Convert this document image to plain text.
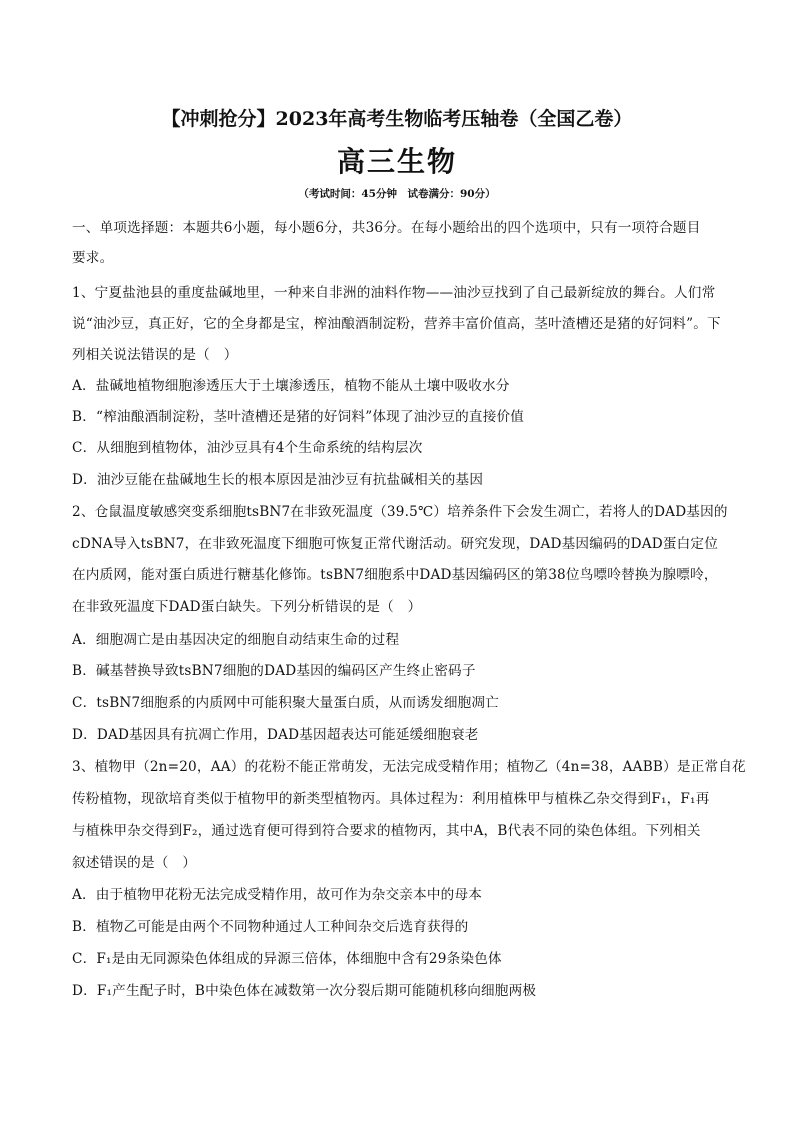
【冲刺抢分】2023年高考生物临考压轴卷（全国乙卷）
高三生物
（考试时间：45分钟　试卷满分：90分）
一、单项选择题：本题共6小题，每小题6分，共36分。在每小题给出的四个选项中，只有一项符合题目
要求。
1、宁夏盐池县的重度盐碱地里，一种来自非洲的油料作物——油沙豆找到了自己最新绽放的舞台。人们常
说“油沙豆，真正好，它的全身都是宝，榨油酿酒制淀粉，营养丰富价值高，茎叶渣槽还是猪的好饲料”。下
列相关说法错误的是（　）
A．盐碱地植物细胞渗透压大于土壤渗透压，植物不能从土壤中吸收水分
B．“榨油酿酒制淀粉，茎叶渣槽还是猪的好饲料”体现了油沙豆的直接价值
C．从细胞到植物体，油沙豆具有4个生命系统的结构层次
D．油沙豆能在盐碱地生长的根本原因是油沙豆有抗盐碱相关的基因
2、仓鼠温度敏感突变系细胞tsBN7在非致死温度（39.5℃）培养条件下会发生凋亡，若将人的DAD基因的
cDNA导入tsBN7，在非致死温度下细胞可恢复正常代谢活动。研究发现，DAD基因编码的DAD蛋白定位
在内质网，能对蛋白质进行糖基化修饰。tsBN7细胞系中DAD基因编码区的第38位鸟嘌呤替换为腺嘌呤，
在非致死温度下DAD蛋白缺失。下列分析错误的是（　）
A．细胞凋亡是由基因决定的细胞自动结束生命的过程
B．碱基替换导致tsBN7细胞的DAD基因的编码区产生终止密码子
C．tsBN7细胞系的内质网中可能积聚大量蛋白质，从而诱发细胞凋亡
D．DAD基因具有抗凋亡作用，DAD基因超表达可能延缓细胞衰老
3、植物甲（2n=20，AA）的花粉不能正常萌发，无法完成受精作用；植物乙（4n=38，AABB）是正常自花
传粉植物，现欲培育类似于植物甲的新类型植物丙。具体过程为：利用植株甲与植株乙杂交得到F₁，F₁再
与植株甲杂交得到F₂，通过选育便可得到符合要求的植物丙，其中A，B代表不同的染色体组。下列相关
叙述错误的是（　）
A．由于植物甲花粉无法完成受精作用，故可作为杂交亲本中的母本
B．植物乙可能是由两个不同物种通过人工种间杂交后选育获得的
C．F₁是由无同源染色体组成的异源三倍体，体细胞中含有29条染色体
D．F₁产生配子时，B中染色体在减数第一次分裂后期可能随机移向细胞两极
